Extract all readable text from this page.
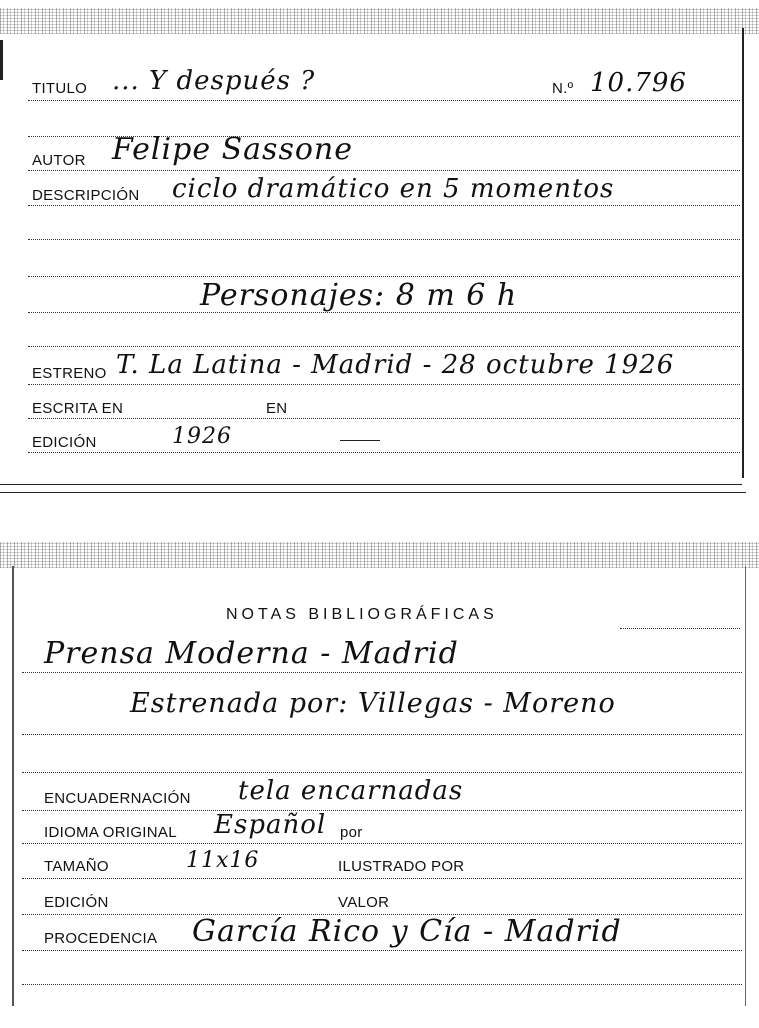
TITULO ... Y después ?	N.º 10.796
AUTOR Felipe Sassone
DESCRIPCIÓN ciclo dramático en 5 momentos
Personajes: 8 m 6 h
ESTRENO T. La Latina - Madrid - 28 octubre 1926
ESCRITA EN	EN
EDICIÓN	1926
NOTAS BIBLIOGRÁFICAS
Prensa Moderna - Madrid
Estrenada por: Villegas - Moreno
ENCUADERNACIÓN tela encarnadas
IDIOMA ORIGINAL Español por
TAMAÑO	11x16	ILUSTRADO POR
EDICIÓN	VALOR
PROCEDENCIA García Rico y Cía - Madrid
